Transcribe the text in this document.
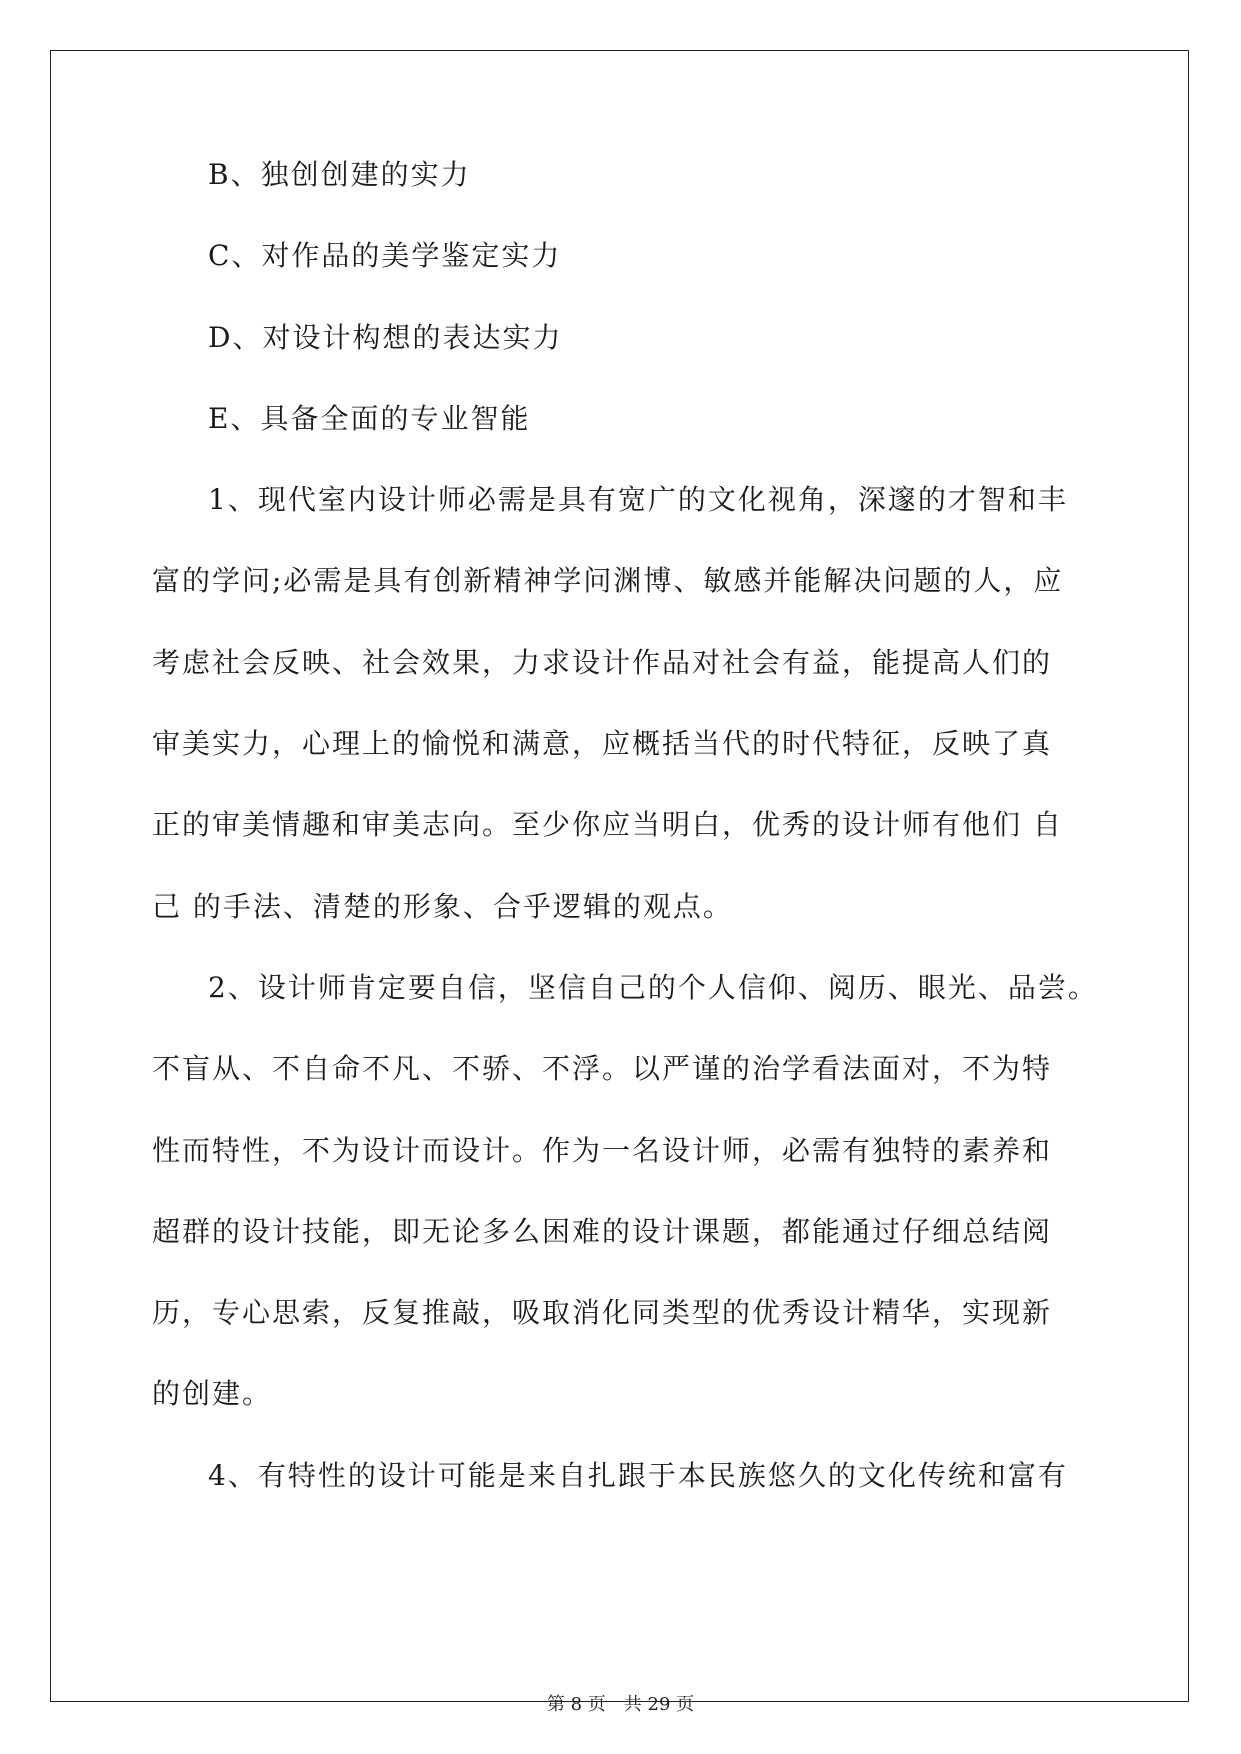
B、独创创建的实力
C、对作品的美学鉴定实力
D、对设计构想的表达实力
E、具备全面的专业智能
1、现代室内设计师必需是具有宽广的文化视角，深邃的才智和丰
富的学问;必需是具有创新精神学问渊博、敏感并能解决问题的人，应
考虑社会反映、社会效果，力求设计作品对社会有益，能提高人们的
审美实力，心理上的愉悦和满意，应概括当代的时代特征，反映了真
正的审美情趣和审美志向。至少你应当明白，优秀的设计师有他们 自
己 的手法、清楚的形象、合乎逻辑的观点。
2、设计师肯定要自信，坚信自己的个人信仰、阅历、眼光、品尝。
不盲从、不自命不凡、不骄、不浮。以严谨的治学看法面对，不为特
性而特性，不为设计而设计。作为一名设计师，必需有独特的素养和
超群的设计技能，即无论多么困难的设计课题，都能通过仔细总结阅
历，专心思索，反复推敲，吸取消化同类型的优秀设计精华，实现新
的创建。
4、有特性的设计可能是来自扎跟于本民族悠久的文化传统和富有
第 8 页　共 29 页
